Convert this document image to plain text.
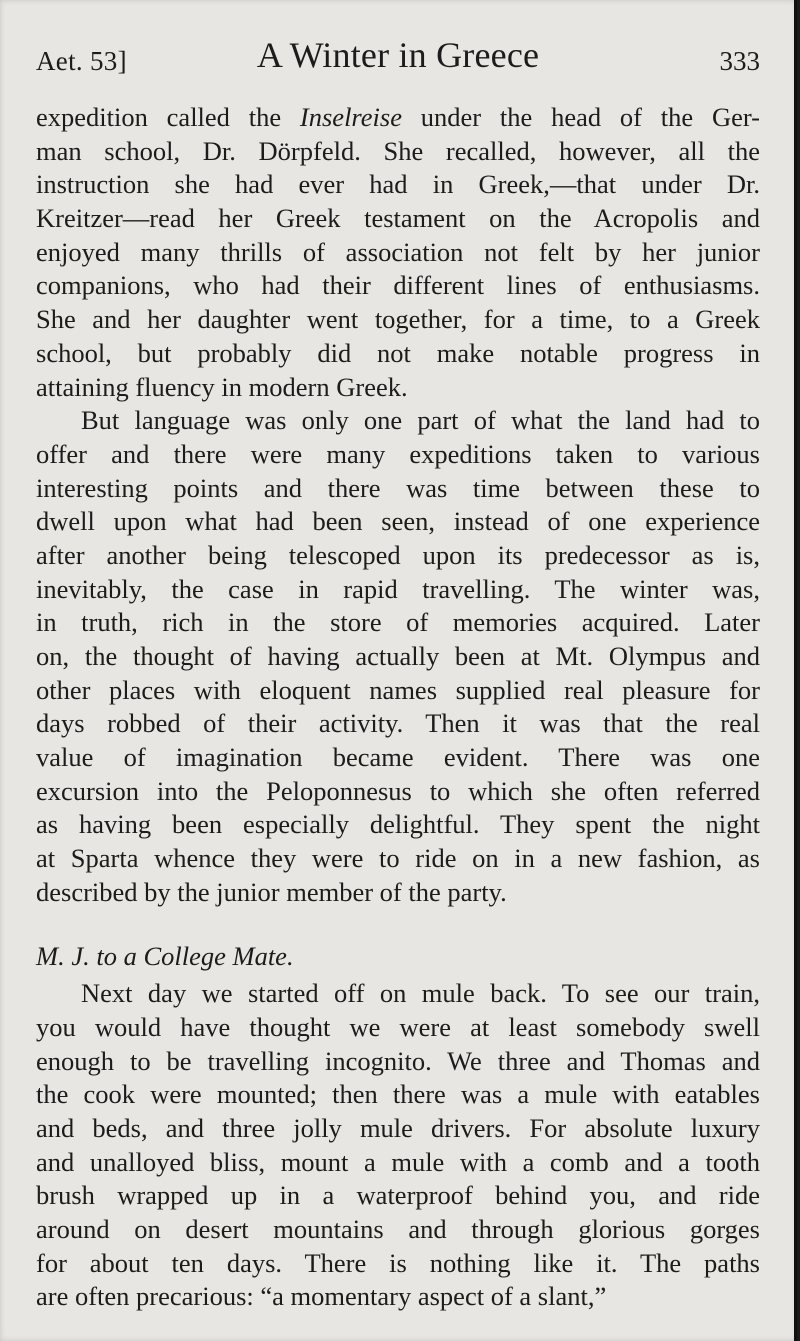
Aet. 53]	A Winter in Greece	333
expedition called the Inselreise under the head of the Ger-
man school, Dr. Dörpfeld. She recalled, however, all the
instruction she had ever had in Greek,—that under Dr.
Kreitzer—read her Greek testament on the Acropolis and
enjoyed many thrills of association not felt by her junior
companions, who had their different lines of enthusiasms.
She and her daughter went together, for a time, to a Greek
school, but probably did not make notable progress in
attaining fluency in modern Greek.
But language was only one part of what the land had to
offer and there were many expeditions taken to various
interesting points and there was time between these to
dwell upon what had been seen, instead of one experience
after another being telescoped upon its predecessor as is,
inevitably, the case in rapid travelling. The winter was,
in truth, rich in the store of memories acquired. Later
on, the thought of having actually been at Mt. Olympus and
other places with eloquent names supplied real pleasure for
days robbed of their activity. Then it was that the real
value of imagination became evident. There was one
excursion into the Peloponnesus to which she often referred
as having been especially delightful. They spent the night
at Sparta whence they were to ride on in a new fashion, as
described by the junior member of the party.
M. J. to a College Mate.
Next day we started off on mule back. To see our train,
you would have thought we were at least somebody swell
enough to be travelling incognito. We three and Thomas and
the cook were mounted; then there was a mule with eatables
and beds, and three jolly mule drivers. For absolute luxury
and unalloyed bliss, mount a mule with a comb and a tooth
brush wrapped up in a waterproof behind you, and ride
around on desert mountains and through glorious gorges
for about ten days. There is nothing like it. The paths
are often precarious: “a momentary aspect of a slant,”
